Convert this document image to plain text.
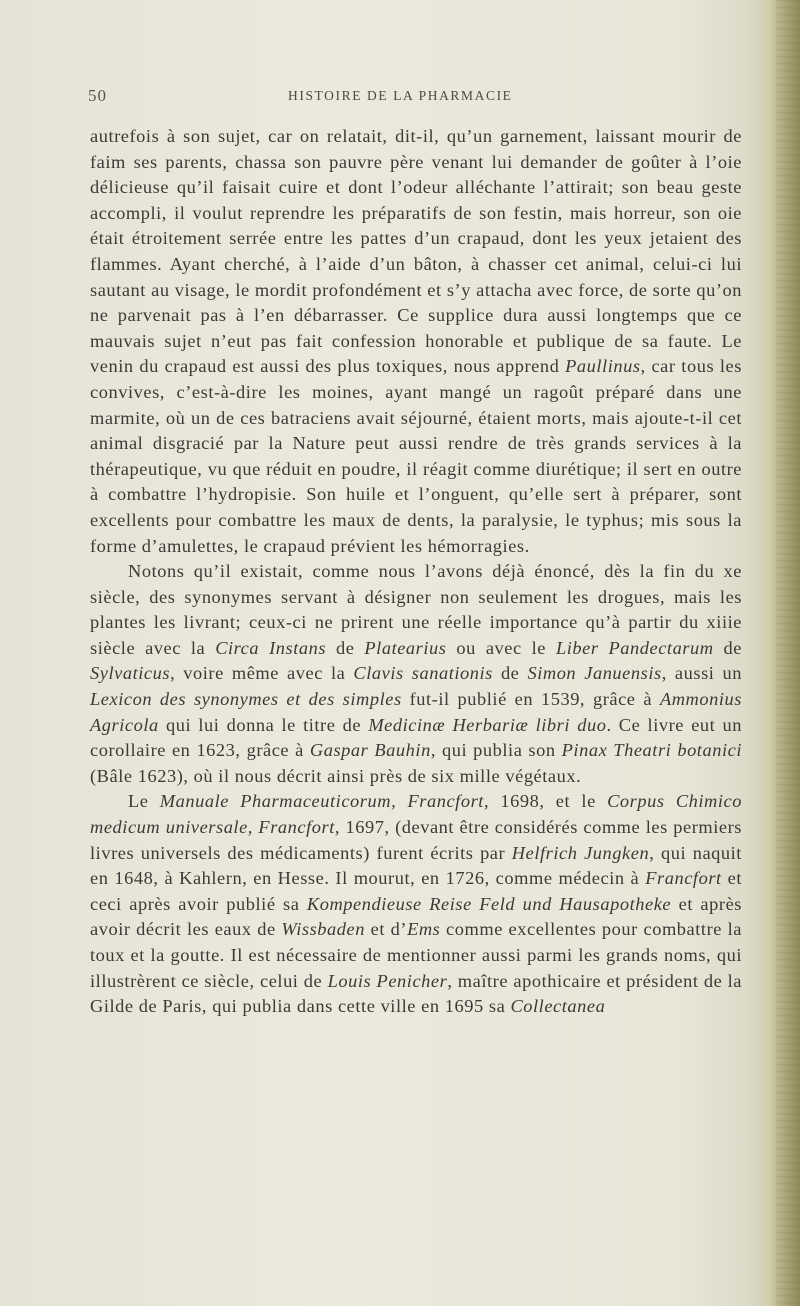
50	HISTOIRE DE LA PHARMACIE

autrefois à son sujet, car on relatait, dit-il, qu’un garnement, laissant mourir de faim ses parents, chassa son pauvre père venant lui demander de goûter à l’oie délicieuse qu’il faisait cuire et dont l’odeur alléchante l’attirait; son beau geste accompli, il voulut reprendre les préparatifs de son festin, mais horreur, son oie était étroitement serrée entre les pattes d’un crapaud, dont les yeux jetaient des flammes. Ayant cherché, à l’aide d’un bâton, à chasser cet animal, celui-ci lui sautant au visage, le mordit profondément et s’y attacha avec force, de sorte qu’on ne parvenait pas à l’en débarrasser. Ce supplice dura aussi longtemps que ce mauvais sujet n’eut pas fait confession honorable et publique de sa faute. Le venin du crapaud est aussi des plus toxiques, nous apprend Paullinus, car tous les convives, c’est-à-dire les moines, ayant mangé un ragoût préparé dans une marmite, où un de ces batraciens avait séjourné, étaient morts, mais ajoute-t-il cet animal disgracié par la Nature peut aussi rendre de très grands services à la thérapeutique, vu que réduit en poudre, il réagit comme diurétique; il sert en outre à combattre l’hydropisie. Son huile et l’onguent, qu’elle sert à préparer, sont excellents pour combattre les maux de dents, la paralysie, le typhus; mis sous la forme d’amulettes, le crapaud prévient les hémorragies.

Notons qu’il existait, comme nous l’avons déjà énoncé, dès la fin du xe siècle, des synonymes servant à désigner non seulement les drogues, mais les plantes les livrant; ceux-ci ne prirent une réelle importance qu’à partir du xiiie siècle avec la Circa Instans de Platearius ou avec le Liber Pandectarum de Sylvaticus, voire même avec la Clavis sanationis de Simon Januensis, aussi un Lexicon des synonymes et des simples fut-il publié en 1539, grâce à Ammonius Agricola qui lui donna le titre de Medicinæ Herbariæ libri duo. Ce livre eut un corollaire en 1623, grâce à Gaspar Bauhin, qui publia son Pinax Theatri botanici (Bâle 1623), où il nous décrit ainsi près de six mille végétaux.

Le Manuale Pharmaceuticorum, Francfort, 1698, et le Corpus Chimico medicum universale, Francfort, 1697, (devant être considérés comme les permiers livres universels des médicaments) furent écrits par Helfrich Jungken, qui naquit en 1648, à Kahlern, en Hesse. Il mourut, en 1726, comme médecin à Francfort et ceci après avoir publié sa Kompendieuse Reise Feld und Hausapotheke et après avoir décrit les eaux de Wissbaden et d’Ems comme excellentes pour combattre la toux et la goutte. Il est nécessaire de mentionner aussi parmi les grands noms, qui illustrèrent ce siècle, celui de Louis Penicher, maître apothicaire et président de la Gilde de Paris, qui publia dans cette ville en 1695 sa Collectanea
